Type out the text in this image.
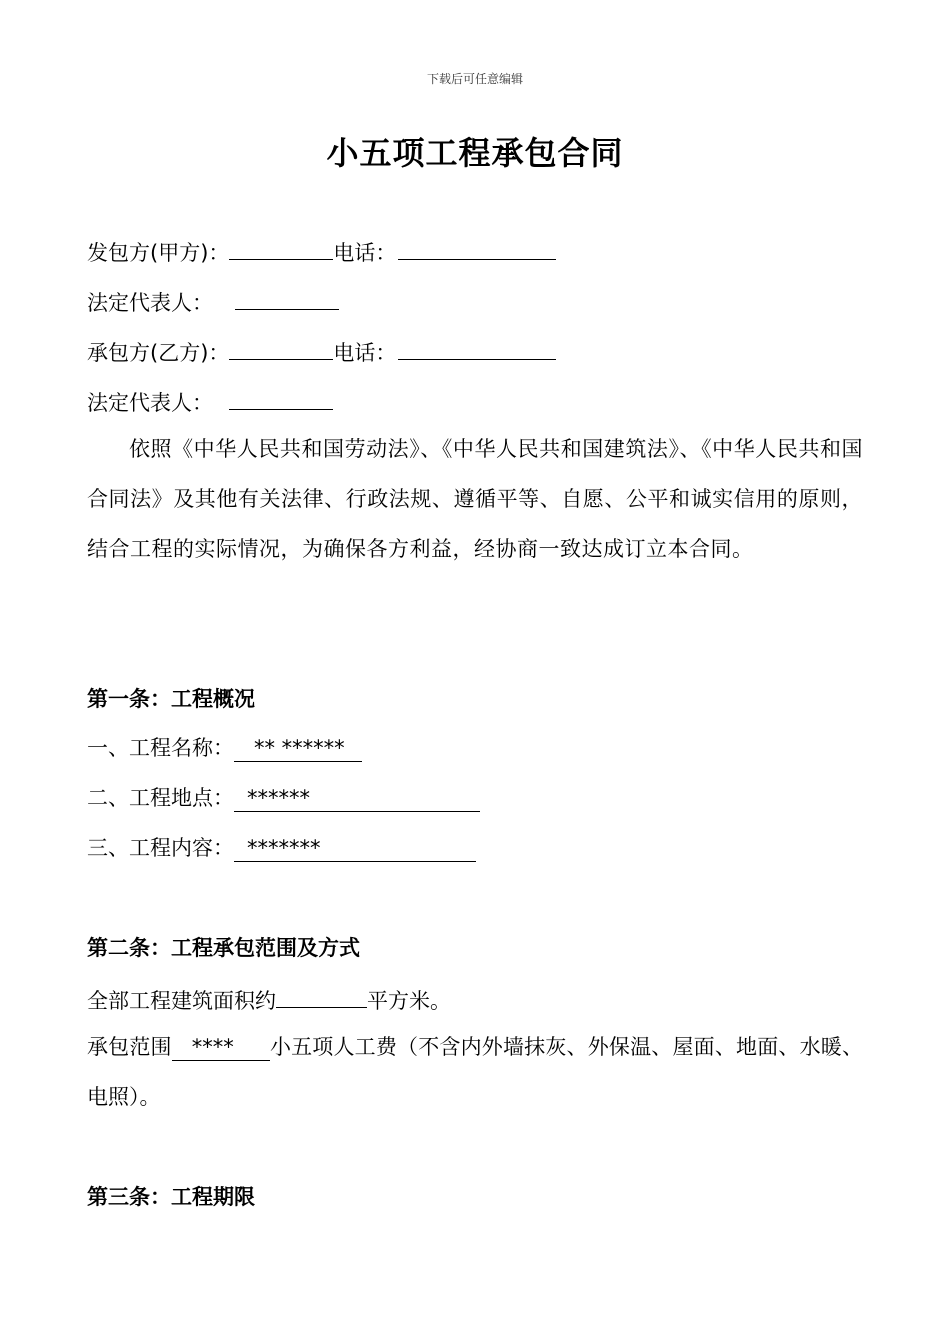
下载后可任意编辑
小五项工程承包合同
发包方(甲方)：	电话：
法定代表人：
承包方(乙方)：	电话：
法定代表人：
依照《中华人民共和国劳动法》、《中华人民共和国建筑法》、《中华人民共和国合同法》及其他有关法律、行政法规、遵循平等、自愿、公平和诚实信用的原则，结合工程的实际情况，为确保各方利益，经协商一致达成订立本合同。
第一条：工程概况
一、工程名称： ** ******
二、工程地点： ******
三、工程内容： *******
第二条：工程承包范围及方式
全部工程建筑面积约	平方米。
承包范围 **** 小五项人工费（不含内外墙抹灰、外保温、屋面、地面、水暖、电照）。
第三条：工程期限
